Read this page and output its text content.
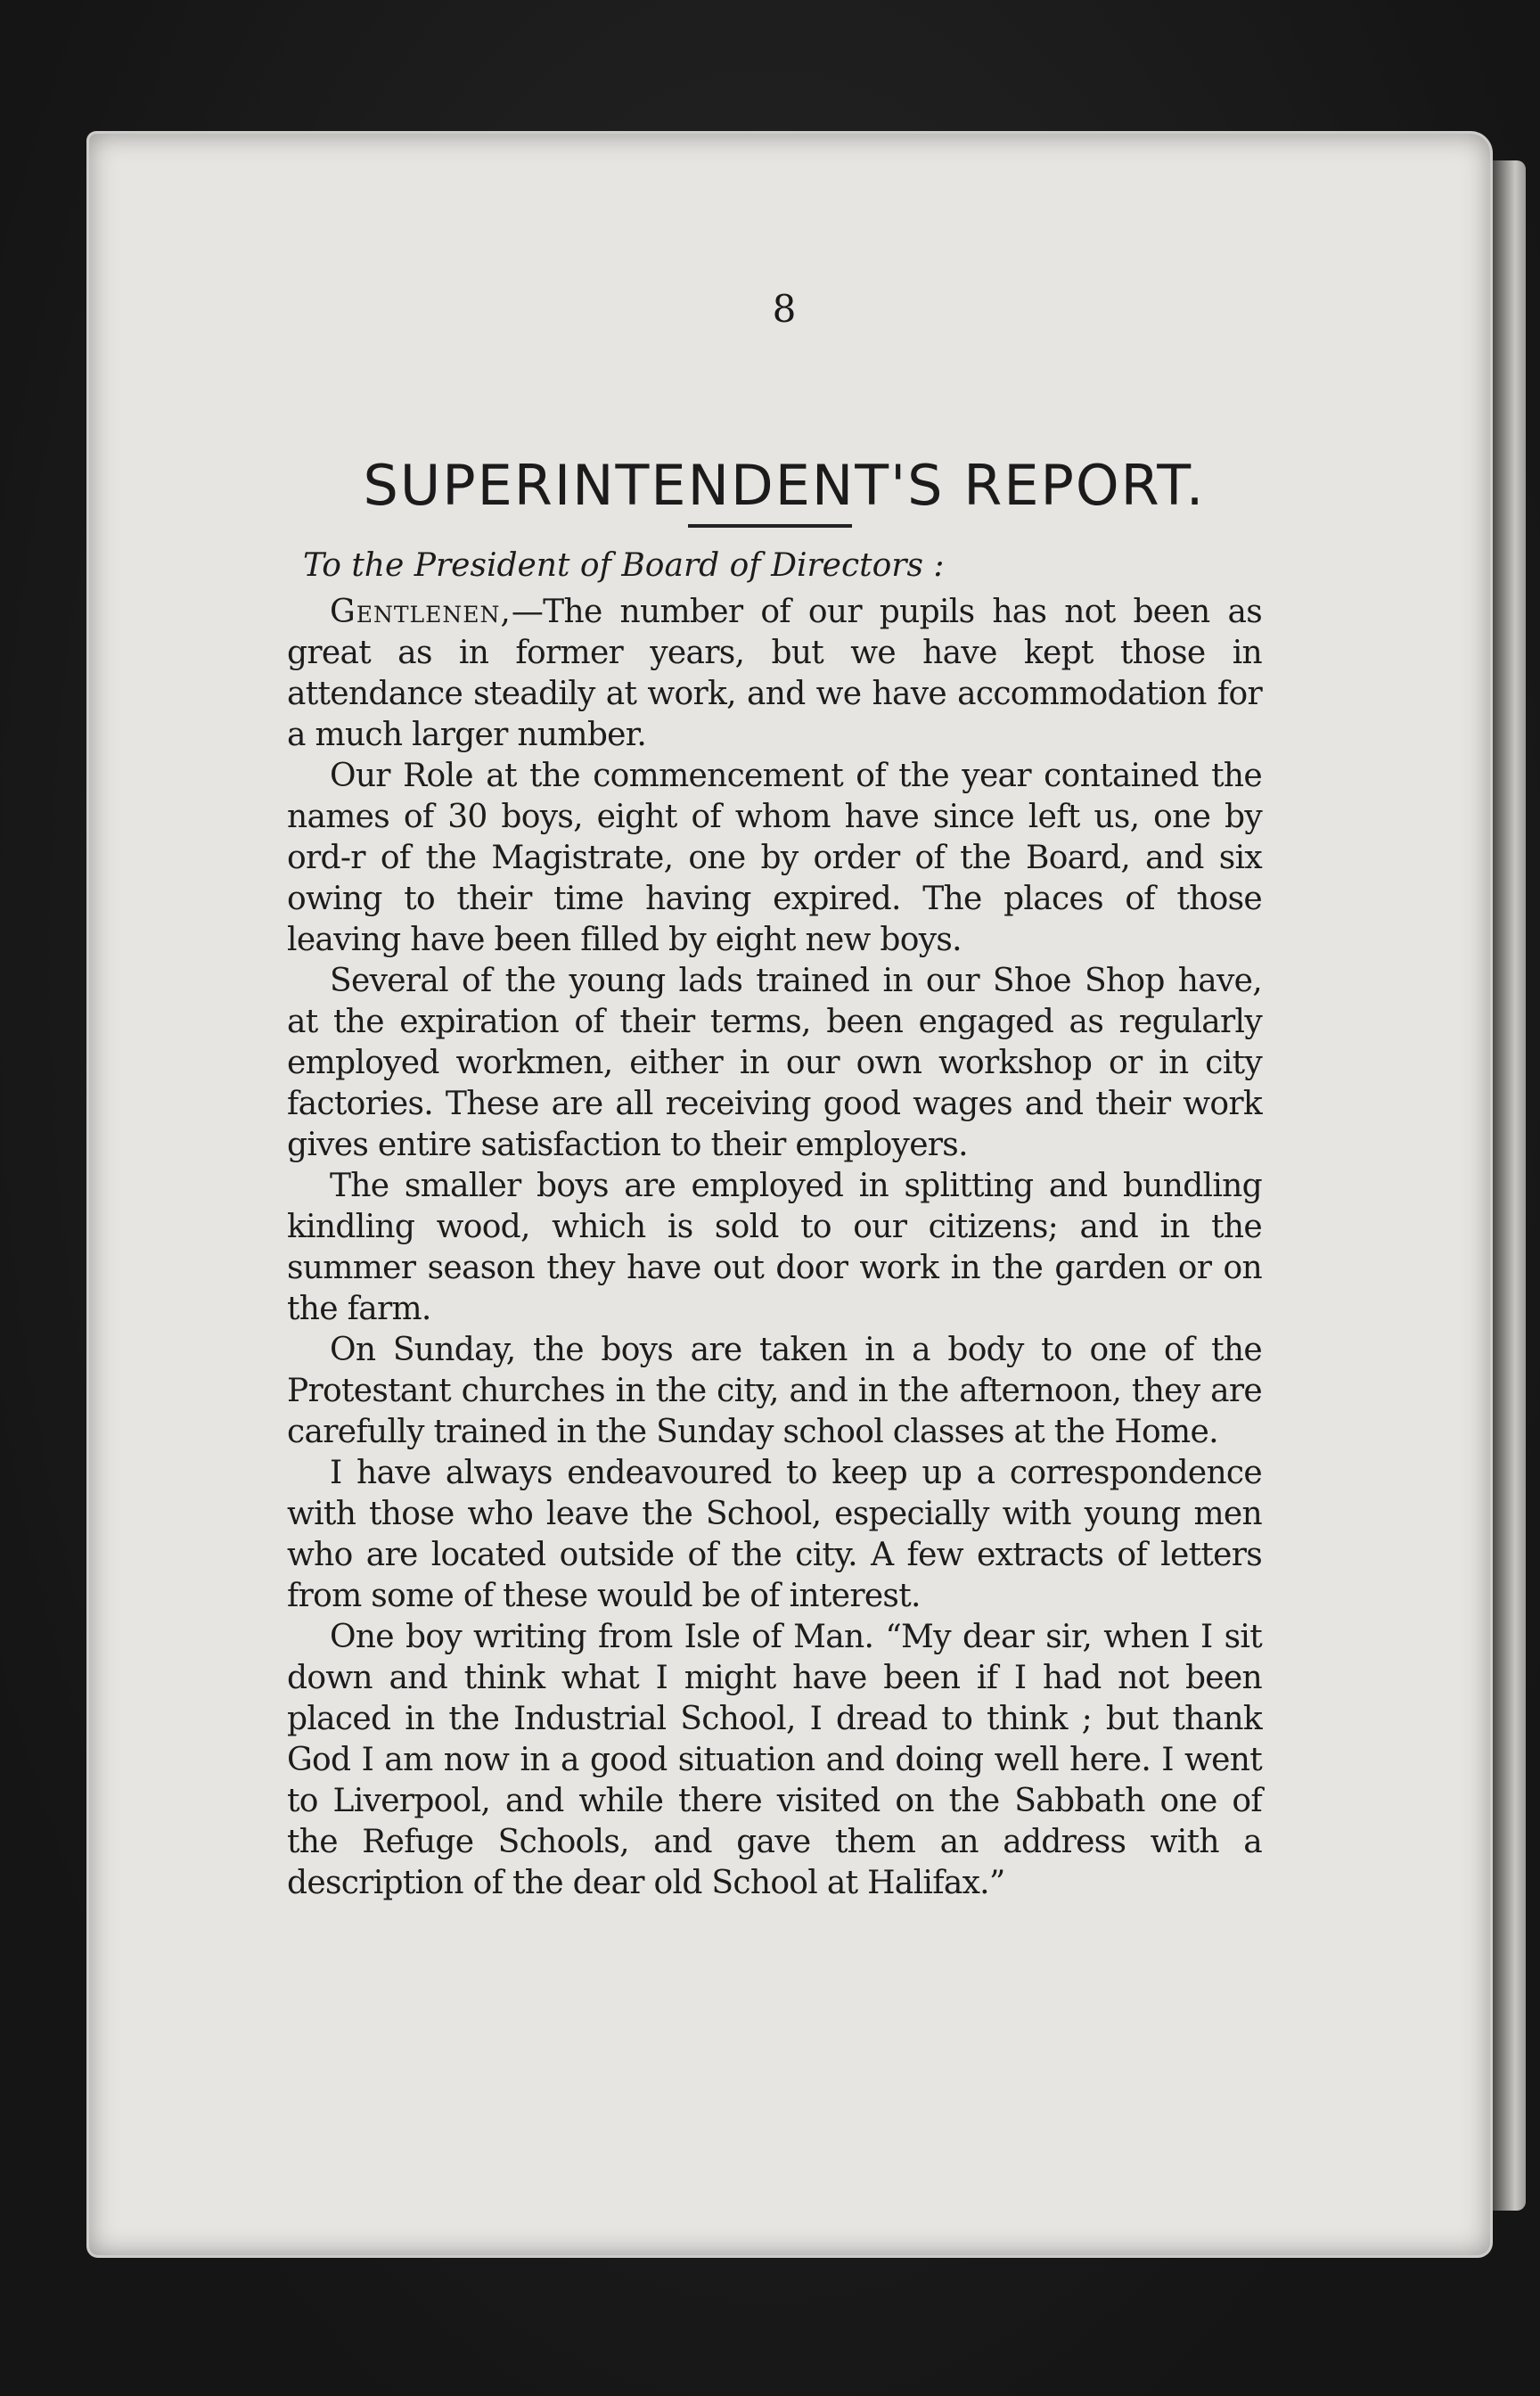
8
SUPERINTENDENT'S REPORT.

To the President of Board of Directors :

Gentlenen,—The number of our pupils has not been as great as in former years, but we have kept those in attendance steadily at work, and we have accommodation for a much larger number.

Our Role at the commencement of the year contained the names of 30 boys, eight of whom have since left us, one by ord‑r of the Magistrate, one by order of the Board, and six owing to their time having expired. The places of those leaving have been filled by eight new boys.

Several of the young lads trained in our Shoe Shop have, at the expiration of their terms, been engaged as regularly employed workmen, either in our own workshop or in city factories. These are all receiving good wages and their work gives entire satisfaction to their employers.

The smaller boys are employed in splitting and bundling kindling wood, which is sold to our citizens; and in the summer season they have out door work in the garden or on the farm.

On Sunday, the boys are taken in a body to one of the Protestant churches in the city, and in the afternoon, they are carefully trained in the Sunday school classes at the Home.

I have always endeavoured to keep up a correspondence with those who leave the School, especially with young men who are located outside of the city. A few extracts of letters from some of these would be of interest.

One boy writing from Isle of Man. “My dear sir, when I sit down and think what I might have been if I had not been placed in the Industrial School, I dread to think ; but thank God I am now in a good situation and doing well here. I went to Liverpool, and while there visited on the Sabbath one of the Refuge Schools, and gave them an address with a description of the dear old School at Halifax.”
